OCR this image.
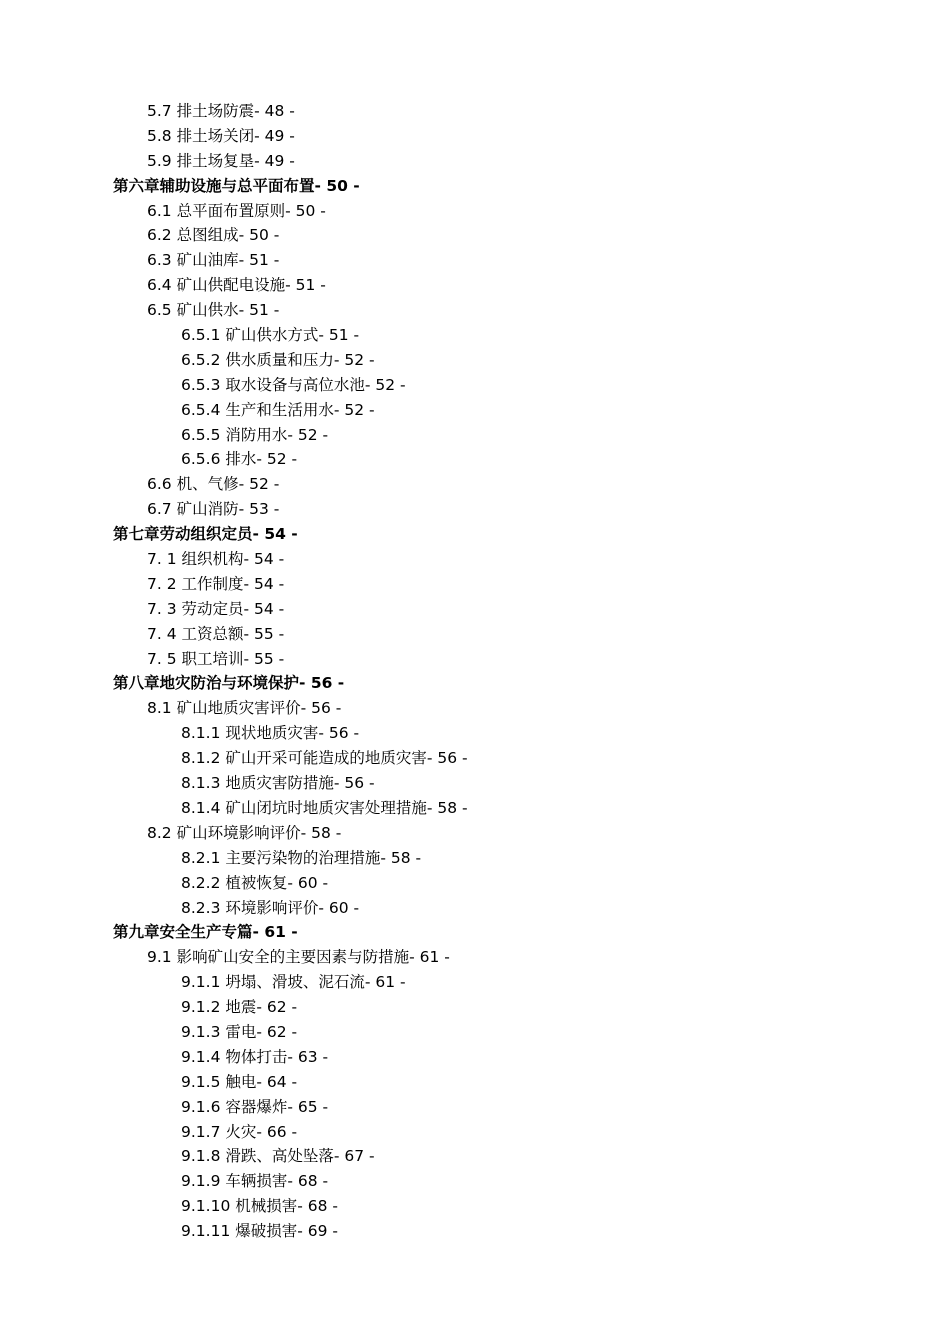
5.7 排土场防震- 48 -
5.8 排土场关闭- 49 -
5.9 排土场复垦- 49 -
第六章辅助设施与总平面布置- 50 -
6.1 总平面布置原则- 50 -
6.2 总图组成- 50 -
6.3 矿山油库- 51 -
6.4 矿山供配电设施- 51 -
6.5 矿山供水- 51 -
6.5.1 矿山供水方式- 51 -
6.5.2 供水质量和压力- 52 -
6.5.3 取水设备与高位水池- 52 -
6.5.4 生产和生活用水- 52 -
6.5.5 消防用水- 52 -
6.5.6 排水- 52 -
6.6 机、气修- 52 -
6.7 矿山消防- 53 -
第七章劳动组织定员- 54 -
7. 1 组织机构- 54 -
7. 2 工作制度- 54 -
7. 3 劳动定员- 54 -
7. 4 工资总额- 55 -
7. 5 职工培训- 55 -
第八章地灾防治与环境保护- 56 -
8.1 矿山地质灾害评价- 56 -
8.1.1 现状地质灾害- 56 -
8.1.2 矿山开采可能造成的地质灾害- 56 -
8.1.3 地质灾害防措施- 56 -
8.1.4 矿山闭坑时地质灾害处理措施- 58 -
8.2 矿山环境影响评价- 58 -
8.2.1 主要污染物的治理措施- 58 -
8.2.2 植被恢复- 60 -
8.2.3 环境影响评价- 60 -
第九章安全生产专篇- 61 -
9.1 影响矿山安全的主要因素与防措施- 61 -
9.1.1 坍塌、滑坡、泥石流- 61 -
9.1.2 地震- 62 -
9.1.3 雷电- 62 -
9.1.4 物体打击- 63 -
9.1.5 触电- 64 -
9.1.6 容器爆炸- 65 -
9.1.7 火灾- 66 -
9.1.8 滑跌、高处坠落- 67 -
9.1.9 车辆损害- 68 -
9.1.10 机械损害- 68 -
9.1.11 爆破损害- 69 -
